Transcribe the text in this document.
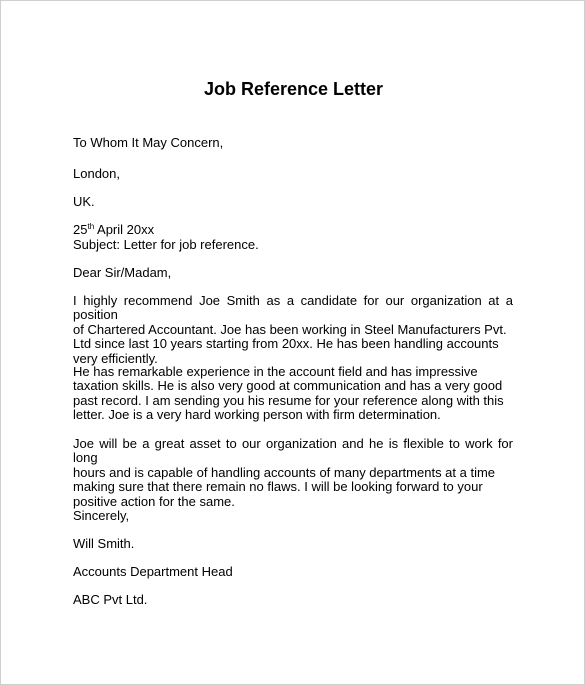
Job Reference Letter
To Whom It May Concern,
London,
UK.
25th April 20xx
Subject: Letter for job reference.
Dear Sir/Madam,
I highly recommend Joe Smith as a candidate for our organization at a position
of Chartered Accountant. Joe has been working in Steel Manufacturers Pvt.
Ltd since last 10 years starting from 20xx. He has been handling accounts
very efficiently.
He has remarkable experience in the account field and has impressive
taxation skills. He is also very good at communication and has a very good
past record. I am sending you his resume for your reference along with this
letter. Joe is a very hard working person with firm determination.
Joe will be a great asset to our organization and he is flexible to work for long
hours and is capable of handling accounts of many departments at a time
making sure that there remain no flaws. I will be looking forward to your
positive action for the same.
Sincerely,
Will Smith.
Accounts Department Head
ABC Pvt Ltd.
